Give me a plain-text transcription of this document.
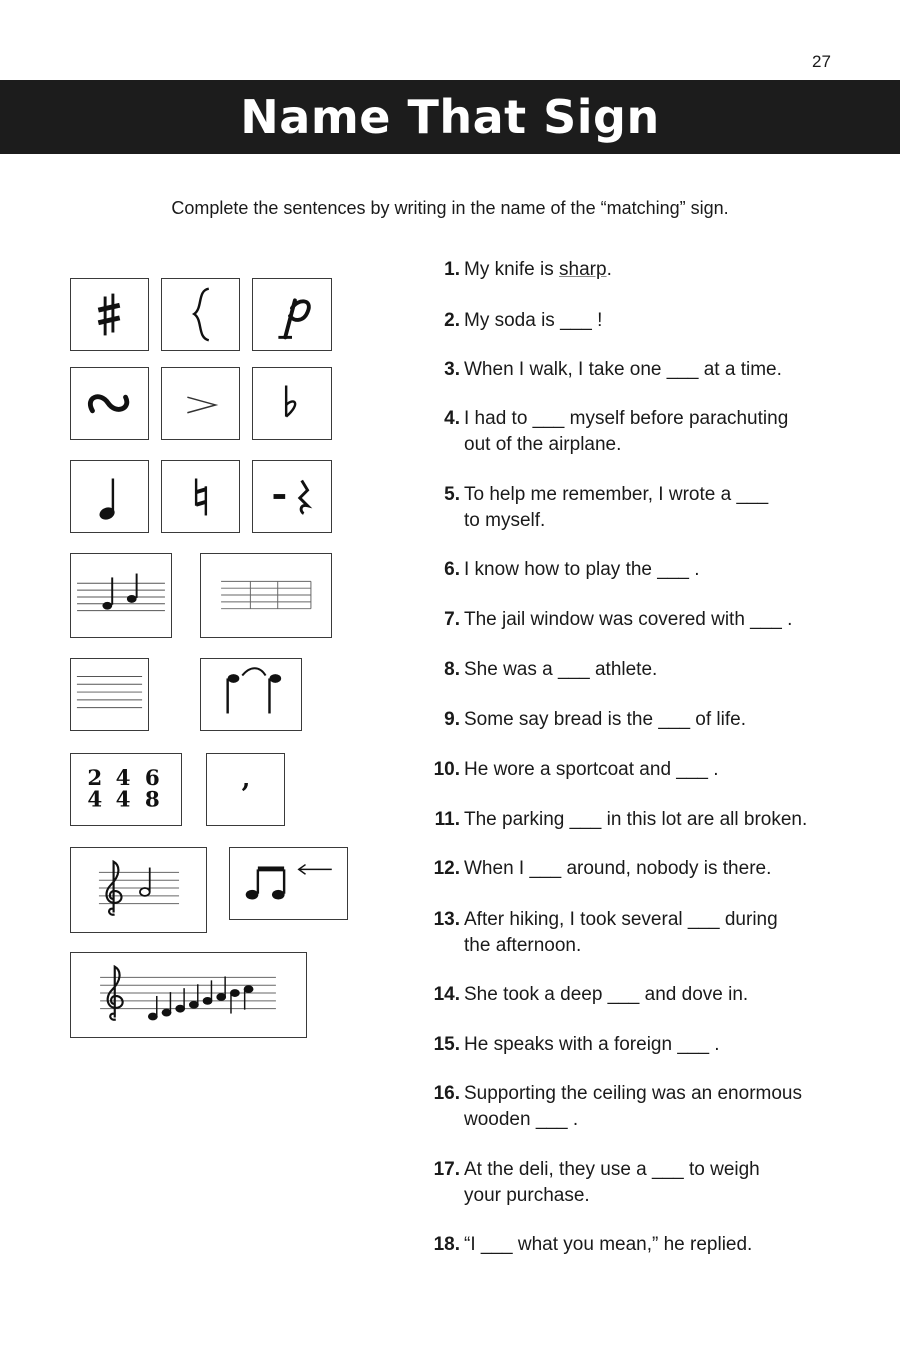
27
Name That Sign
Complete the sentences by writing in the name of the “matching” sign.
2
4
4
4
6
8
,
1. My knife is sharp.
2. My soda is ___ !
3. When I walk, I take one ___ at a time.
4. I had to ___ myself before parachuting
out of the airplane.
5. To help me remember, I wrote a ___
to myself.
6. I know how to play the ___ .
7. The jail window was covered with ___ .
8. She was a ___ athlete.
9. Some say bread is the ___ of life.
10. He wore a sportcoat and ___ .
11. The parking ___ in this lot are all broken.
12. When I ___ around, nobody is there.
13. After hiking, I took several ___ during
the afternoon.
14. She took a deep ___ and dove in.
15. He speaks with a foreign ___ .
16. Supporting the ceiling was an enormous
wooden ___ .
17. At the deli, they use a ___ to weigh
your purchase.
18. “I ___ what you mean,” he replied.
